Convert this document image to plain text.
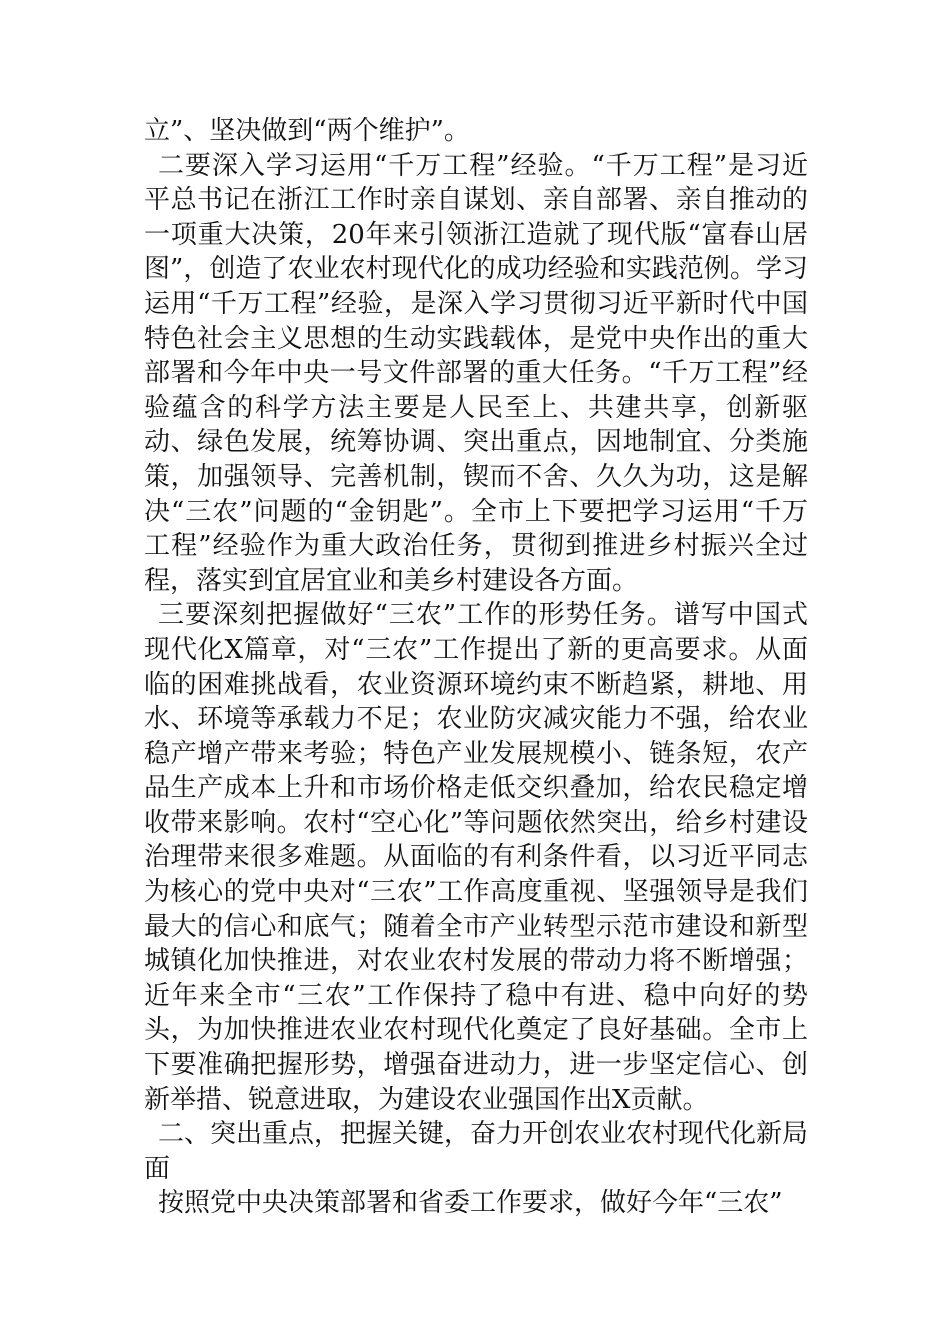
立”、坚决做到“两个维护”。

二要深入学习运用“千万工程”经验。“千万工程”是习近平总书记在浙江工作时亲自谋划、亲自部署、亲自推动的一项重大决策，20年来引领浙江造就了现代版“富春山居图”，创造了农业农村现代化的成功经验和实践范例。学习运用“千万工程”经验，是深入学习贯彻习近平新时代中国特色社会主义思想的生动实践载体，是党中央作出的重大部署和今年中央一号文件部署的重大任务。“千万工程”经验蕴含的科学方法主要是人民至上、共建共享，创新驱动、绿色发展，统筹协调、突出重点，因地制宜、分类施策，加强领导、完善机制，锲而不舍、久久为功，这是解决“三农”问题的“金钥匙”。全市上下要把学习运用“千万工程”经验作为重大政治任务，贯彻到推进乡村振兴全过程，落实到宜居宜业和美乡村建设各方面。

三要深刻把握做好“三农”工作的形势任务。谱写中国式现代化X篇章，对“三农”工作提出了新的更高要求。从面临的困难挑战看，农业资源环境约束不断趋紧，耕地、用水、环境等承载力不足；农业防灾减灾能力不强，给农业稳产增产带来考验；特色产业发展规模小、链条短，农产品生产成本上升和市场价格走低交织叠加，给农民稳定增收带来影响。农村“空心化”等问题依然突出，给乡村建设治理带来很多难题。从面临的有利条件看，以习近平同志为核心的党中央对“三农”工作高度重视、坚强领导是我们最大的信心和底气；随着全市产业转型示范市建设和新型城镇化加快推进，对农业农村发展的带动力将不断增强；近年来全市“三农”工作保持了稳中有进、稳中向好的势头，为加快推进农业农村现代化奠定了良好基础。全市上下要准确把握形势，增强奋进动力，进一步坚定信心、创新举措、锐意进取，为建设农业强国作出X贡献。

二、突出重点，把握关键，奋力开创农业农村现代化新局面

按照党中央决策部署和省委工作要求，做好今年“三农”
